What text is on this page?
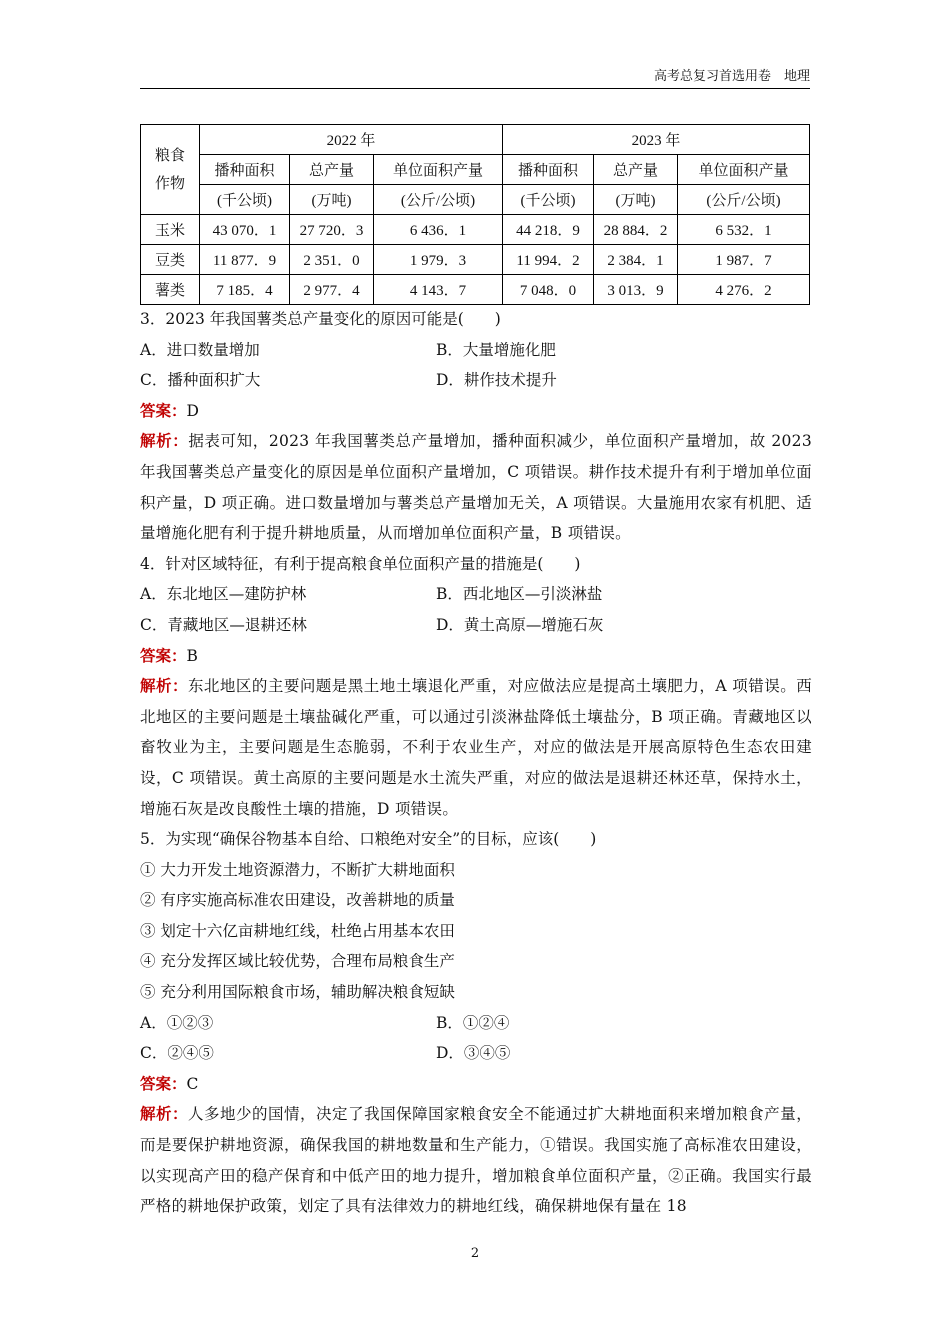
高考总复习首选用卷　地理
粮食
作物	2022 年			2023 年		
	播种面积	总产量	单位面积产量	播种面积	总产量	单位面积产量
	(千公顷)	(万吨)	(公斤/公顷)	(千公顷)	(万吨)	(公斤/公顷)
玉米	43 070．1	27 720．3	6 436．1	44 218．9	28 884．2	6 532．1
豆类	11 877．9	2 351．0	1 979．3	11 994．2	2 384．1	1 987．7
薯类	7 185．4	2 977．4	4 143．7	7 048．0	3 013．9	4 276．2
3．2023 年我国薯类总产量变化的原因可能是(　　)
A．进口数量增加	B．大量增施化肥
C．播种面积扩大	D．耕作技术提升
答案：D
解析：据表可知，2023 年我国薯类总产量增加，播种面积减少，单位面积产量增加，故 2023 年我国薯类总产量变化的原因是单位面积产量增加，C 项错误。耕作技术提升有利于增加单位面积产量，D 项正确。进口数量增加与薯类总产量增加无关，A 项错误。大量施用农家有机肥、适量增施化肥有利于提升耕地质量，从而增加单位面积产量，B 项错误。
4．针对区域特征，有利于提高粮食单位面积产量的措施是(　　)
A．东北地区—建防护林	B．西北地区—引淡淋盐
C．青藏地区—退耕还林	D．黄土高原—增施石灰
答案：B
解析：东北地区的主要问题是黑土地土壤退化严重，对应做法应是提高土壤肥力，A 项错误。西北地区的主要问题是土壤盐碱化严重，可以通过引淡淋盐降低土壤盐分，B 项正确。青藏地区以畜牧业为主，主要问题是生态脆弱，不利于农业生产，对应的做法是开展高原特色生态农田建设，C 项错误。黄土高原的主要问题是水土流失严重，对应的做法是退耕还林还草，保持水土，增施石灰是改良酸性土壤的措施，D 项错误。
5．为实现“确保谷物基本自给、口粮绝对安全”的目标，应该(　　)
① 大力开发土地资源潜力，不断扩大耕地面积
② 有序实施高标准农田建设，改善耕地的质量
③ 划定十六亿亩耕地红线，杜绝占用基本农田
④ 充分发挥区域比较优势，合理布局粮食生产
⑤ 充分利用国际粮食市场，辅助解决粮食短缺
A．①②③	B．①②④
C．②④⑤	D．③④⑤
答案：C
解析：人多地少的国情，决定了我国保障国家粮食安全不能通过扩大耕地面积来增加粮食产量，而是要保护耕地资源，确保我国的耕地数量和生产能力，①错误。我国实施了高标准农田建设，以实现高产田的稳产保育和中低产田的地力提升，增加粮食单位面积产量，②正确。我国实行最严格的耕地保护政策，划定了具有法律效力的耕地红线，确保耕地保有量在 18
2
